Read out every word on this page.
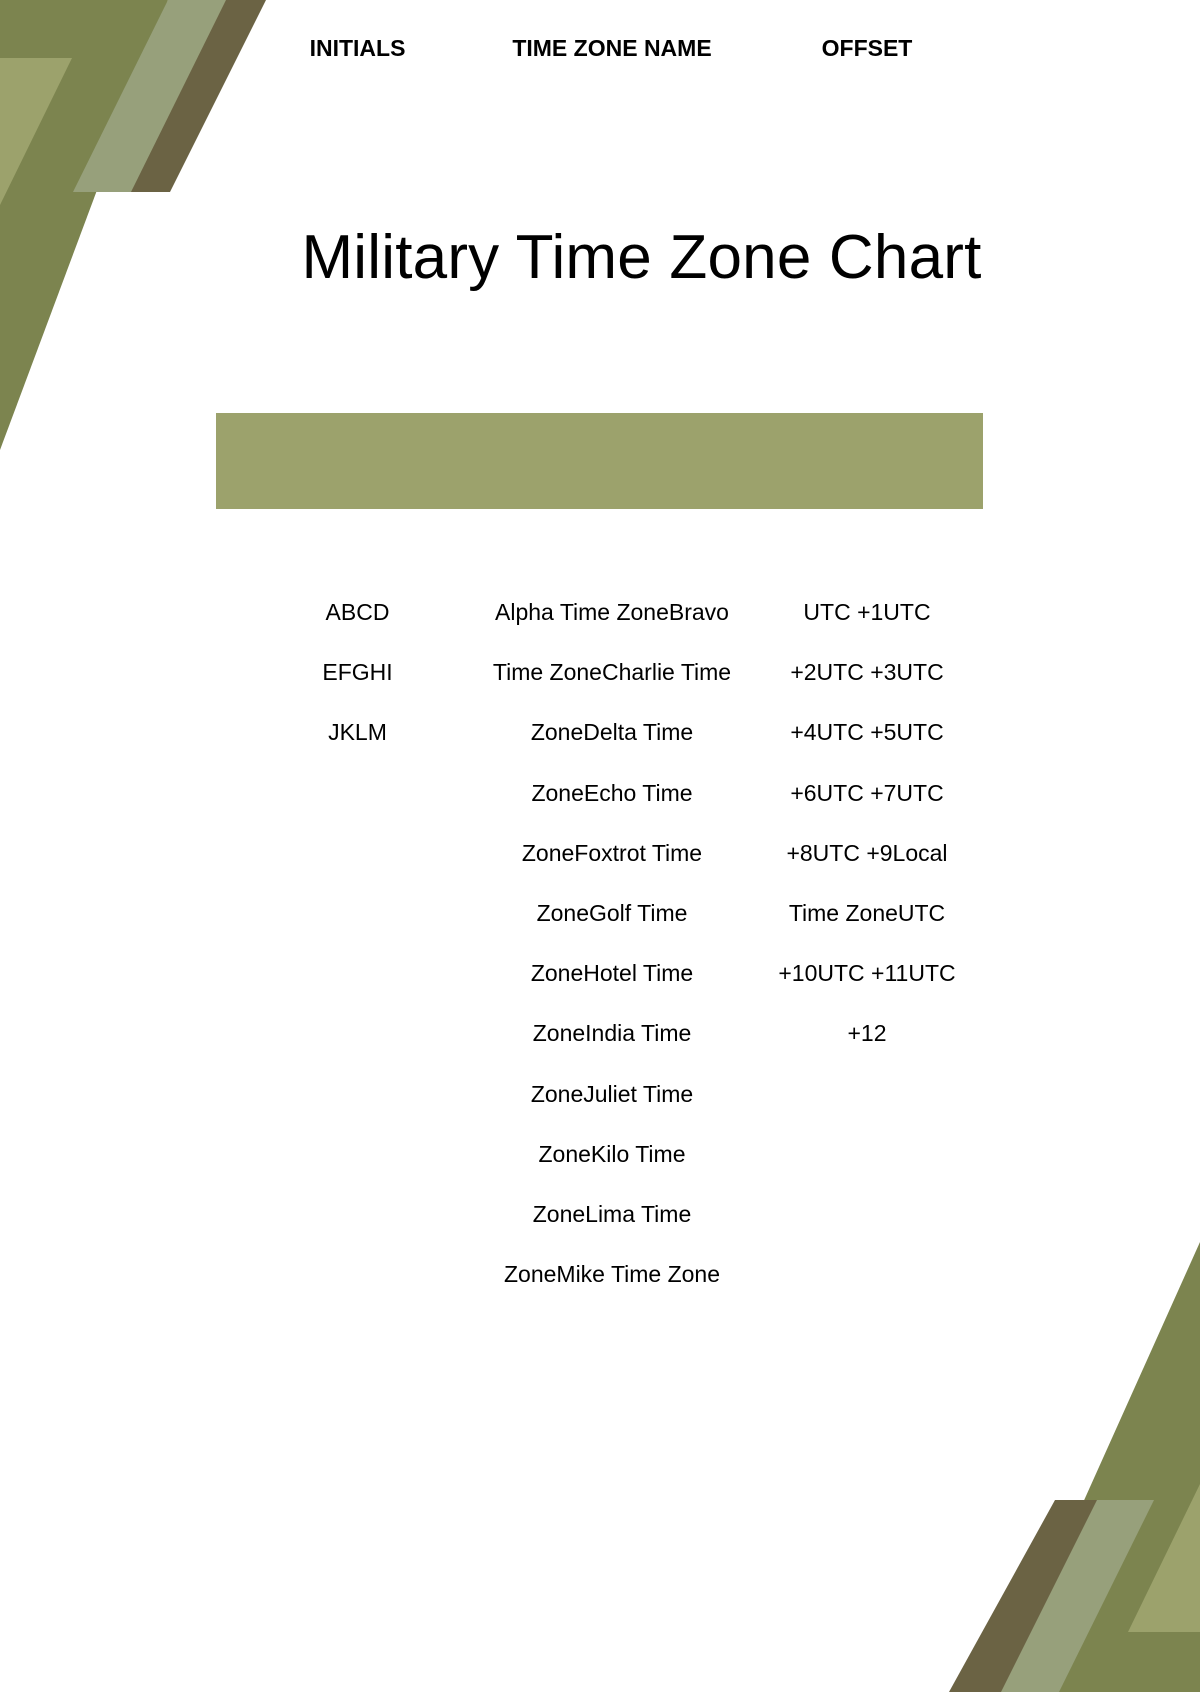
Military Time Zone Chart
INITIALS	TIME ZONE NAME	OFFSET
ABCD
EFGHI
JKLM
Alpha Time ZoneBravo
Time ZoneCharlie Time
ZoneDelta Time
ZoneEcho Time
ZoneFoxtrot Time
ZoneGolf Time
ZoneHotel Time
ZoneIndia Time
ZoneJuliet Time
ZoneKilo Time
ZoneLima Time
ZoneMike Time Zone
UTC +1UTC
+2UTC +3UTC
+4UTC +5UTC
+6UTC +7UTC
+8UTC +9Local
Time ZoneUTC
+10UTC +11UTC
+12
